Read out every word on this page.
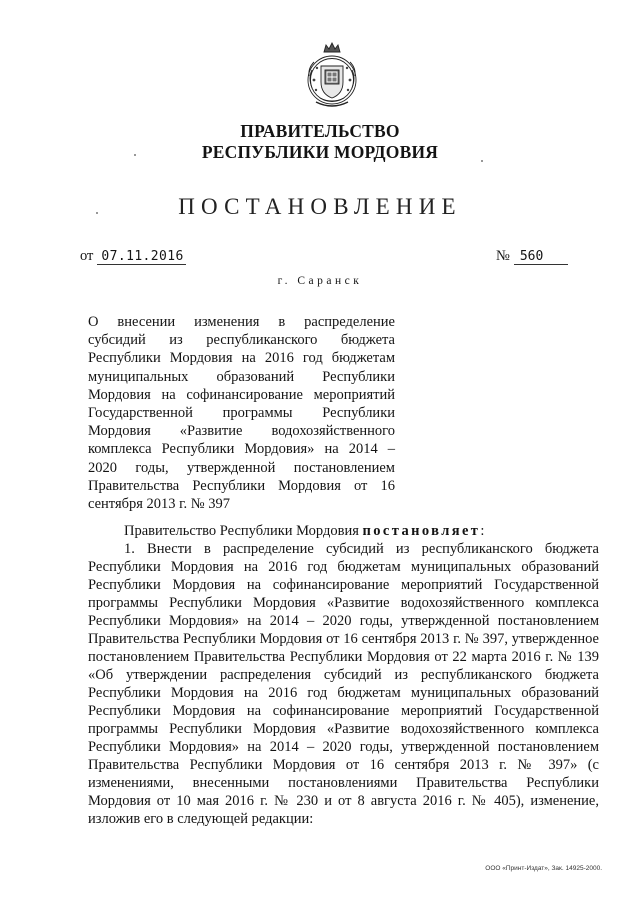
ПРАВИТЕЛЬСТВО
РЕСПУБЛИКИ МОРДОВИЯ
ПОСТАНОВЛЕНИЕ
от 07.11.2016	№ 560
г. Саранск
О внесении изменения в распределение субсидий из республиканского бюджета Республики Мордовия на 2016 год бюджетам муниципальных образований Республики Мордовия на софинансирование мероприятий Государственной программы Республики Мордовия «Развитие водохозяйственного комплекса Республики Мордовия» на 2014 – 2020 годы, утвержденной постановлением Правительства Республики Мордовия от 16 сентября 2013 г. № 397

Правительство Республики Мордовия постановляет:

1. Внести в распределение субсидий из республиканского бюджета Республики Мордовия на 2016 год бюджетам муниципальных образований Республики Мордовия на софинансирование мероприятий Государственной программы Республики Мордовия «Развитие водохозяйственного комплекса Республики Мордовия» на 2014 – 2020 годы, утвержденной постановлением Правительства Республики Мордовия от 16 сентября 2013 г. № 397, утвержденное постановлением Правительства Республики Мордовия от 22 марта 2016 г. № 139 «Об утверждении распределения субсидий из республиканского бюджета Республики Мордовия на 2016 год бюджетам муниципальных образований Республики Мордовия на софинансирование мероприятий Государственной программы Республики Мордовия «Развитие водохозяйственного комплекса Республики Мордовия» на 2014 – 2020 годы, утвержденной постановлением Правительства Республики Мордовия от 16 сентября 2013 г. № 397» (с изменениями, внесенными постановлениями Правительства Республики Мордовия от 10 мая 2016 г. № 230 и от 8 августа 2016 г. № 405), изменение, изложив его в следующей редакции:

ООО «Принт-Издат», Зак. 14925-2000.
